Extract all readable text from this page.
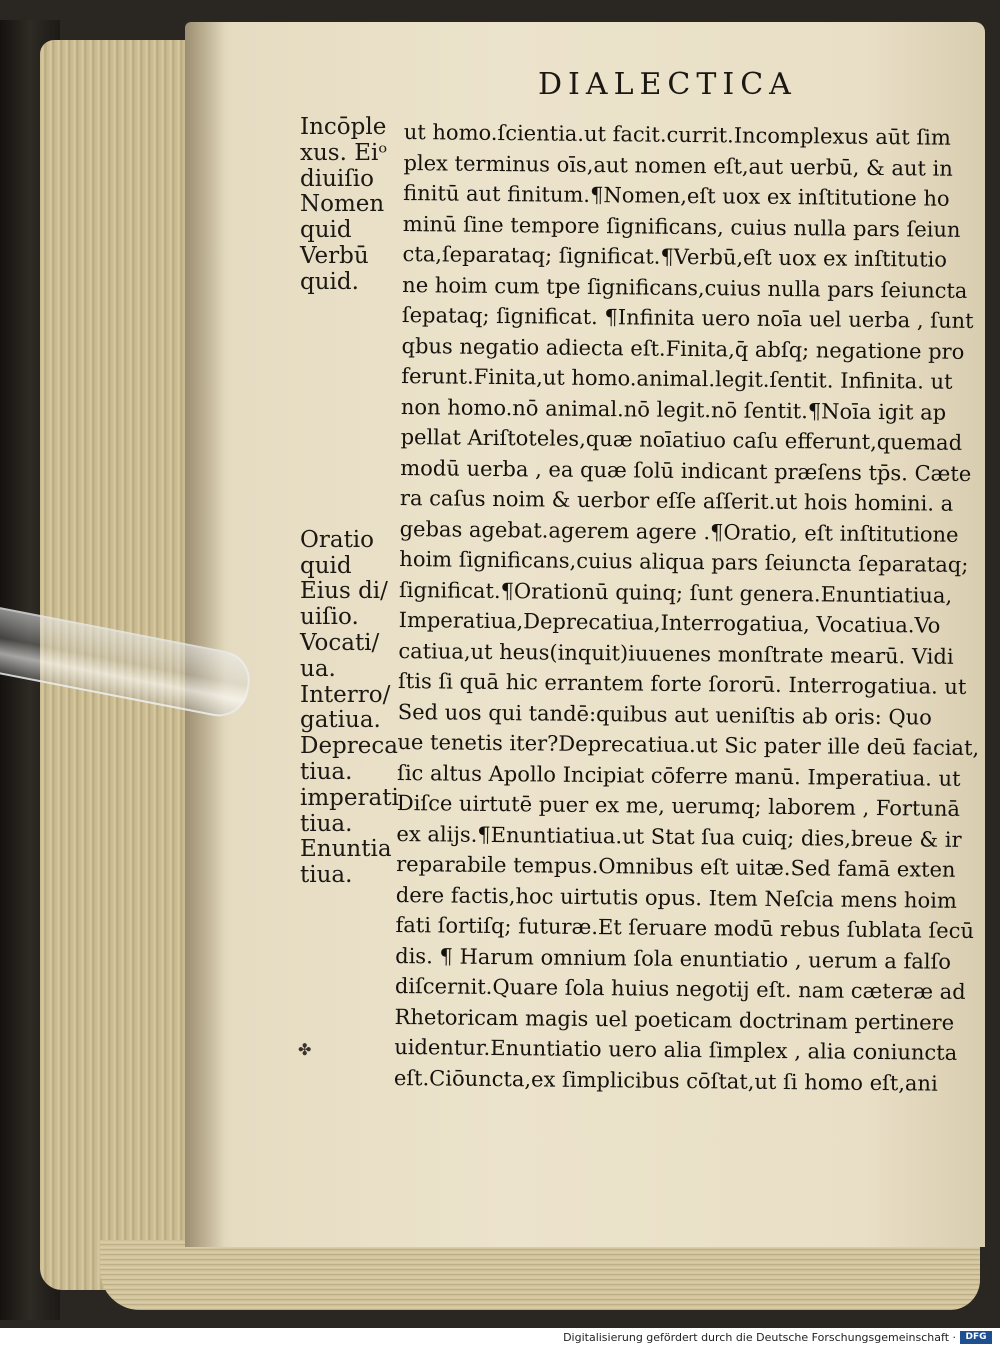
DIALECTICA
Incōple
xus. Eiᵒ
diuiſio
Nomen
quid
Verbū
quid.
Oratio
quid
Eius di/
uiſio.
Vocati/
ua.
Interro/
gatiua.
Depreca
tiua.
imperati
tiua.
Enuntia
tiua.
ut homo.ſcientia.ut facit.currit.Incomplexus aūt ſim
plex terminus oīs,aut nomen eſt,aut uerbū, & aut in
finitū aut finitum.¶Nomen,eſt uox ex inſtitutione ho
minū ſine tempore ſignificans, cuius nulla pars ſeiun
cta,ſeparataq; ſignificat.¶Verbū,eſt uox ex inſtitutio
ne hoim cum tpe ſignificans,cuius nulla pars ſeiuncta
ſepataq; ſignificat. ¶Infinita uero noīa uel uerba , ſunt
qbus negatio adiecta eſt.Finita,q̄ abſq; negatione pro
ferunt.Finita,ut homo.animal.legit.ſentit. Infinita. ut
non homo.nō animal.nō legit.nō ſentit.¶Noīa igit ap
pellat Ariſtoteles,quæ noīatiuo caſu efferunt,quemad
modū uerba , ea quæ ſolū indicant præſens tp̄s. Cæte
ra caſus noim & uerbor eſſe aſſerit.ut hois homini. a
gebas agebat.agerem agere .¶Oratio, eſt inſtitutione
hoim ſignificans,cuius aliqua pars ſeiuncta ſeparataq;
ſignificat.¶Orationū quinq; ſunt genera.Enuntiatiua,
Imperatiua,Deprecatiua,Interrogatiua, Vocatiua.Vo
catiua,ut heus(inquit)iuuenes monſtrate mearū. Vidi
ſtis ſi quā hic errantem forte ſororū. Interrogatiua. ut
Sed uos qui tandē:quibus aut ueniſtis ab oris: Quo
ue tenetis iter?Deprecatiua.ut Sic pater ille deū faciat,
ſic altus Apollo Incipiat cōferre manū. Imperatiua. ut
Diſce uirtutē puer ex me, uerumq; laborem , Fortunā
ex alijs.¶Enuntiatiua.ut Stat ſua cuiq; dies,breue & ir
reparabile tempus.Omnibus eſt uitæ.Sed famā exten
dere factis,hoc uirtutis opus. Item Neſcia mens hoim
fati ſortiſq; futuræ.Et ſeruare modū rebus ſublata ſecū
dis. ¶ Harum omnium ſola enuntiatio , uerum a falſo
diſcernit.Quare ſola huius negotij eſt. nam cæteræ ad
Rhetoricam magis uel poeticam doctrinam pertinere
uidentur.Enuntiatio uero alia ſimplex , alia coniuncta
eſt.Ciōuncta,ex ſimplicibus cōſtat,ut ſi homo eſt,ani
✤
Digitalisierung gefördert durch die Deutsche Forschungsgemeinschaft ·	DFG
